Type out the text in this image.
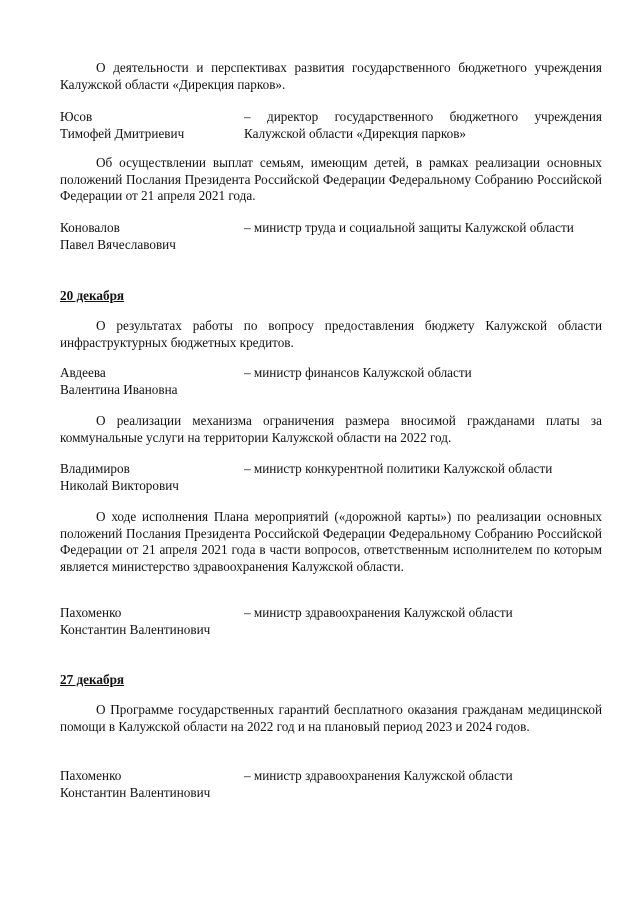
О деятельности и перспективах развития государственного бюджетного учреждения Калужской области «Дирекция парков».
Юсов
Тимофей Дмитриевич
– директор государственного бюджетного учреждения Калужской области «Дирекция парков»
Об осуществлении выплат семьям, имеющим детей, в рамках реализации основных положений Послания Президента Российской Федерации Федеральному Собранию Российской Федерации от 21 апреля 2021 года.
Коновалов
Павел Вячеславович
– министр труда и социальной защиты Калужской области
20 декабря
О результатах работы по вопросу предоставления бюджету Калужской области инфраструктурных бюджетных кредитов.
Авдеева
Валентина Ивановна
– министр финансов Калужской области
О реализации механизма ограничения размера вносимой гражданами платы за коммунальные услуги на территории Калужской области на 2022 год.
Владимиров
Николай Викторович
– министр конкурентной политики Калужской области
О ходе исполнения Плана мероприятий («дорожной карты») по реализации основных положений Послания Президента Российской Федерации Федеральному Собранию Российской Федерации от 21 апреля 2021 года в части вопросов, ответственным исполнителем по которым является министерство здравоохранения Калужской области.
Пахоменко
Константин Валентинович
– министр здравоохранения Калужской области
27 декабря
О Программе государственных гарантий бесплатного оказания гражданам медицинской помощи в Калужской области на 2022 год и на плановый период 2023 и 2024 годов.
Пахоменко
Константин Валентинович
– министр здравоохранения Калужской области
